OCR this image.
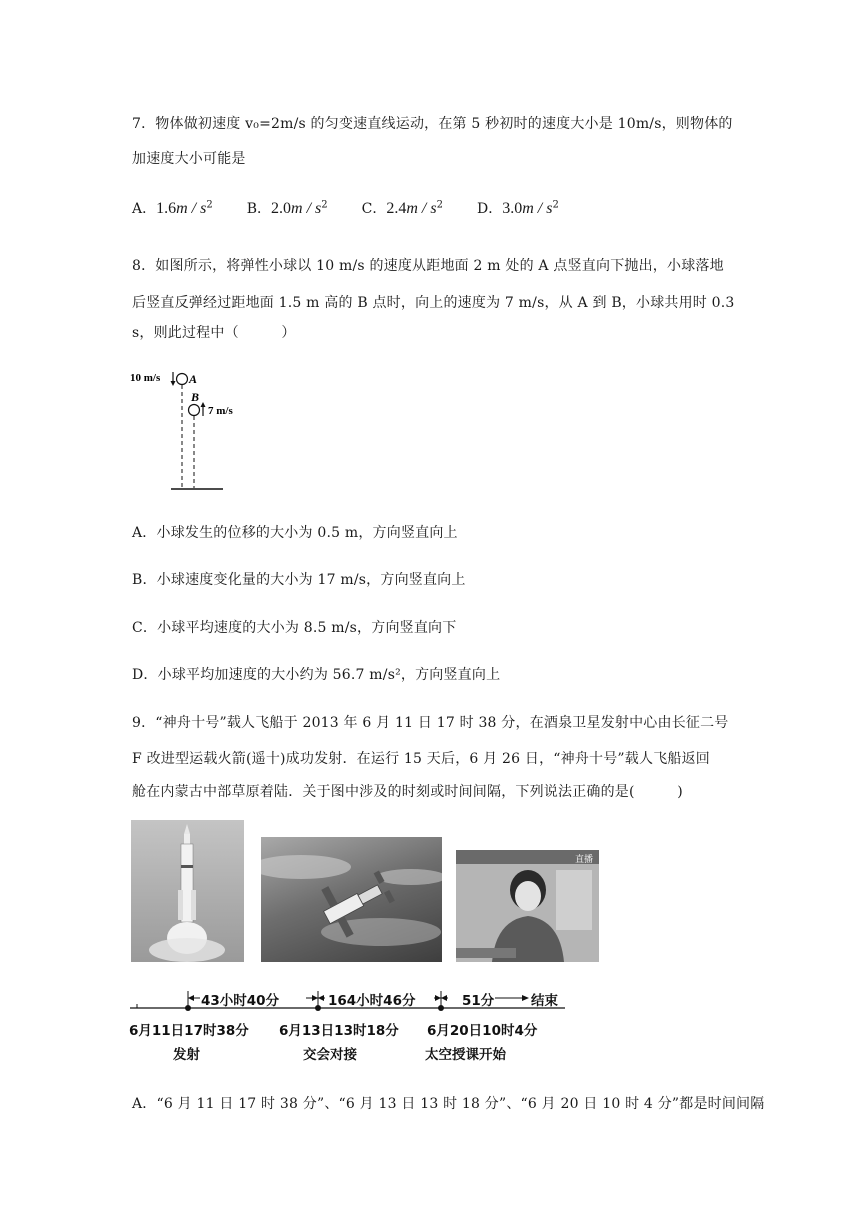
7．物体做初速度 v₀=2m/s 的匀变速直线运动，在第 5 秒初时的速度大小是 10m/s，则物体的
加速度大小可能是
A．$1.6m / s^2$ B．$2.0m / s^2$ C．$2.4m / s^2$ D．$3.0m / s^2$
8．如图所示，将弹性小球以 10 m/s 的速度从距地面 2 m 处的 A 点竖直向下抛出，小球落地
后竖直反弹经过距地面 1.5 m 高的 B 点时，向上的速度为 7 m/s，从 A 到 B，小球共用时 0.3
s，则此过程中（　　　）
10 m/s A
B
7 m/s
A．小球发生的位移的大小为 0.5 m，方向竖直向上
B．小球速度变化量的大小为 17 m/s，方向竖直向上
C．小球平均速度的大小为 8.5 m/s，方向竖直向下
D．小球平均加速度的大小约为 56.7 m/s²，方向竖直向上
9．“神舟十号”载人飞船于 2013 年 6 月 11 日 17 时 38 分，在酒泉卫星发射中心由长征二号
F 改进型运载火箭(遥十)成功发射．在运行 15 天后，6 月 26 日，“神舟十号”载人飞船返回
舱在内蒙古中部草原着陆．关于图中涉及的时刻或时间间隔，下列说法正确的是(　　　)
直播
43小时40分	164小时46分	51分	结束
6月11日17时38分 6月13日13时18分 6月20日10时4分
发射	交会对接	太空授课开始
A．“6 月 11 日 17 时 38 分”、“6 月 13 日 13 时 18 分”、“6 月 20 日 10 时 4 分”都是时间间隔
